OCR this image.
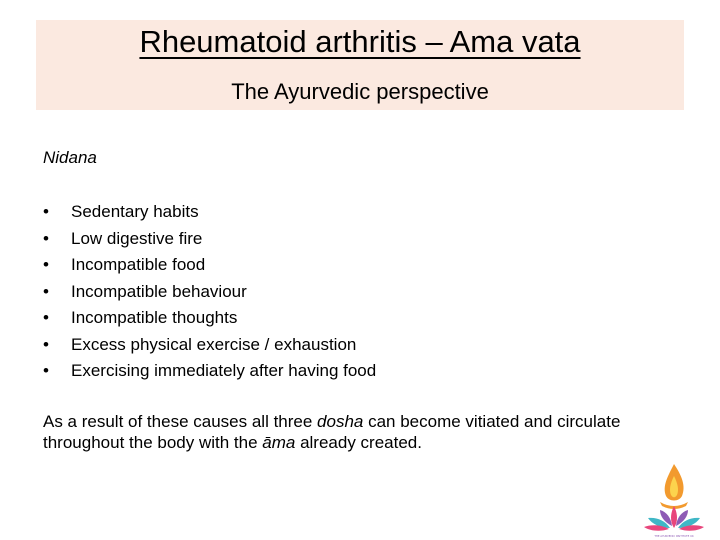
Rheumatoid arthritis – Ama vata
The Ayurvedic perspective
Nidana
•	Sedentary habits
•	Low digestive fire
•	Incompatible food
•	Incompatible behaviour
•	Incompatible thoughts
•	Excess physical exercise / exhaustion
•	Exercising immediately after having food
As a result of these causes all three dosha can become vitiated and circulate throughout the body with the āma already created.
THE AYURVEDIC INSTITUTE UK
